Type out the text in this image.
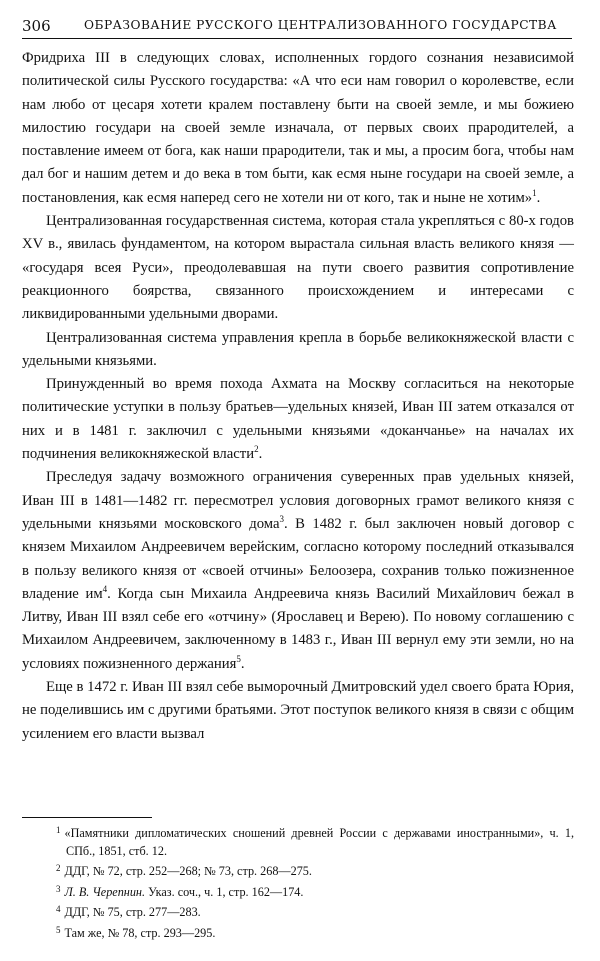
306	ОБРАЗОВАНИЕ РУССКОГО ЦЕНТРАЛИЗОВАННОГО ГОСУДАРСТВА

Фридриха III в следующих словах, исполненных гордого сознания независимой политической силы Русского государства: «А что еси нам говорил о королевстве, если нам любо от цесаря хотети кралем поставлену быти на своей земле, и мы божиею милостию государи на своей земле изначала, от первых своих прародителей, а поставление имеем от бога, как наши прародители, так и мы, а просим бога, чтобы нам дал бог и нашим детем и до века в том быти, как есмя ныне государи на своей земле, а постановления, как есмя наперед сего не хотели ни от кого, так и ныне не хотим»$^1$.

Централизованная государственная система, которая стала укрепляться с 80-х годов XV в., явилась фундаментом, на котором вырастала сильная власть великого князя — «государя всея Руси», преодолевавшая на пути своего развития сопротивление реакционного боярства, связанного происхождением и интересами с ликвидированными удельными дворами.

Централизованная система управления крепла в борьбе великокняжеской власти с удельными князьями.

Принужденный во время похода Ахмата на Москву согласиться на некоторые политические уступки в пользу братьев—удельных князей, Иван III затем отказался от них и в 1481 г. заключил с удельными князьями «доканчанье» на началах их подчинения великокняжеской власти$^2$.

Преследуя задачу возможного ограничения суверенных прав удельных князей, Иван III в 1481—1482 гг. пересмотрел условия договорных грамот великого князя с удельными князьями московского дома$^3$. В 1482 г. был заключен новый договор с князем Михаилом Андреевичем верейским, согласно которому последний отказывался в пользу великого князя от «своей отчины» Белоозера, сохранив только пожизненное владение $им^4$. Когда сын Михаила Андреевича князь Василий Михайлович бежал в Литву, Иван III взял себе его «отчину» (Ярославец и Верею). По новому соглашению с Михаилом Андреевичем, заключенному в 1483 г., Иван III вернул ему эти земли, но на условиях пожизненного держания$^5$.

Еще в 1472 г. Иван III взял себе выморочный Дмитровский удел своего брата Юрия, не поделившись им с другими братьями. Этот поступок великого князя в связи с общим усилением его власти вызвал

$^1$ «Памятники дипломатических сношений древней России с державами иностранными», ч. 1, СПб., 1851, стб. 12.

$^2$ ДДГ, № 72, стр. 252—268; № 73, стр. 268—275.

$^3$ Л. В. Черепнин. Указ. соч., ч. 1, стр. 162—174.

$^4$ ДДГ, № 75, стр. 277—283.

$^5$ Там же, № 78, стр. 293—295.
